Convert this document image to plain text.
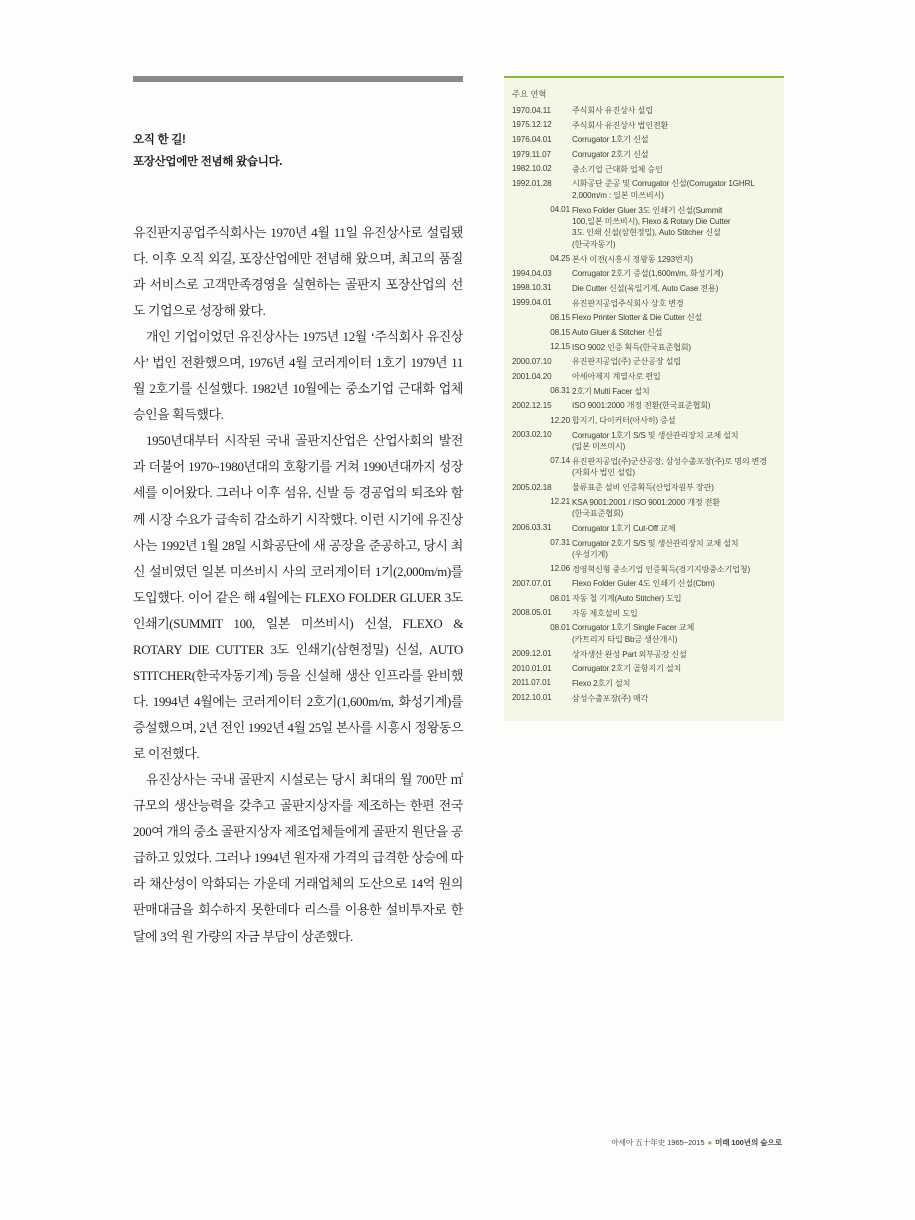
오직 한 길!
포장산업에만 전념해 왔습니다.

유진판지공업주식회사는 1970년 4월 11일 유진상사로 설립됐다. 이후 오직 외길, 포장산업에만 전념해 왔으며, 최고의 품질과 서비스로 고객만족경영을 실현하는 골판지 포장산업의 선도 기업으로 성장해 왔다.

개인 기업이었던 유진상사는 1975년 12월 ‘주식회사 유진상사’ 법인 전환했으며, 1976년 4월 코러게이터 1호기 1979년 11월 2호기를 신설했다. 1982년 10월에는 중소기업 근대화 업체 승인을 획득했다.

1950년대부터 시작된 국내 골판지산업은 산업사회의 발전과 더불어 1970~1980년대의 호황기를 거쳐 1990년대까지 성장세를 이어왔다. 그러나 이후 섬유, 신발 등 경공업의 퇴조와 함께 시장 수요가 급속히 감소하기 시작했다. 이런 시기에 유진상사는 1992년 1월 28일 시화공단에 새 공장을 준공하고, 당시 최신 설비였던 일본 미쓰비시 사의 코러게이터 1기(2,000m/m)를 도입했다. 이어 같은 해 4월에는 FLEXO FOLDER GLUER 3도 인쇄기(SUMMIT 100, 일본 미쓰비시) 신설, FLEXO & ROTARY DIE CUTTER 3도 인쇄기(삼현정밀) 신설, AUTO STITCHER(한국자동기계) 등을 신설해 생산 인프라를 완비했다. 1994년 4월에는 코러게이터 2호기(1,600m/m, 화성기계)를 증설했으며, 2년 전인 1992년 4월 25일 본사를 시흥시 정왕동으로 이전했다.

유진상사는 국내 골판지 시설로는 당시 최대의 월 700만 ㎡ 규모의 생산능력을 갖추고 골판지상자를 제조하는 한편 전국 200여 개의 중소 골판지상자 제조업체들에게 골판지 원단을 공급하고 있었다. 그러나 1994년 원자재 가격의 급격한 상승에 따라 채산성이 악화되는 가운데 거래업체의 도산으로 14억 원의 판매대금을 회수하지 못한데다 리스를 이용한 설비투자로 한 달에 3억 원 가량의 자금 부담이 상존했다.

주요 연혁
1970.04.11	주식회사 유진상사 설립
1975.12.12	주식회사 유진상사 법인전환
1976.04.01	Corrugator 1호기 신설
1979.11.07	Corrugator 2호기 신설
1982.10.02	중소기업 근대화 업체 승인
1992.01.28	시화공단 준공 및 Corrugator 신설(Corrugator 1GHRL
2,000m/m : 일본 미쓰비시)
04.01 Flexo Folder Gluer 3도 인쇄기 신설(Summit
100,일본 미쓰비시), Flexo & Rotary Die Cutter
3도 인쇄 신설(삼현정밀), Auto Stitcher 신설
(한국자동기)
04.25 본사 이전(시흥시 정왕동 1293번지)
1994.04.03	Corrugator 2호기 증설(1,600m/m, 화성기계)
1998.10.31	Die Cutter 신설(옥일기계, Auto Case 전용)
1999.04.01	유진판지공업주식회사 상호 변경
08.15 Flexo Printer Slotter & Die Cutter 신설
08.15 Auto Gluer & Stitcher 신설
12.15 ISO 9002 인증 획득(한국표준협회)
2000.07.10	유진판지공업(주) 군산공장 설립
2001.04.20	아세아제지 계열사로 편입
08.31 2호기 Multi Facer 설치
2002.12.15	ISO 9001:2000 개정 전환(한국표준협회)
12.20 합지기, 다이커터(아사히) 증설
2003.02.10	Corrugator 1호기 S/S 및 생산관리장치 교체 설치
(일본 미쓰미시)
07.14 유진판지공업(주)군산공장, 삼성수출포장(주)로 명의 변경
(자회사 법인 설립)
2005.02.18	물류표준 설비 인증획득(산업자원부 장관)
12.21 KSA 9001:2001 / ISO 9001:2000 개정 전환
(한국표준협회)
2006.03.31	Corrugator 1호기 Cut-Off 교체
07.31 Corrugator 2호기 S/S 및 생산관리장치 교체 설치
(우성기계)
12.06 경영혁신형 중소기업 인증획득(경기지방중소기업청)
2007.07.01	Flexo Folder Guler 4도 인쇄기 신설(Cbm)
08.01 자동 철 기계(Auto Stitcher) 도입
2008.05.01	자동 제호설비 도입
08.01 Corrugator 1호기 Single Facer 교체
(카트리지 타입 Bb금 생산개시)
2009.12.01	상자생산 완성 Part 외부공장 신설
2010.01.01	Corrugator 2호기 골함지기 설치
2011.07.01	Flexo 2호기 설치
2012.10.01	삼성수출포장(주) 매각
아세아 五十年史 1965~2015 ● 미래 100년의 숲으로
